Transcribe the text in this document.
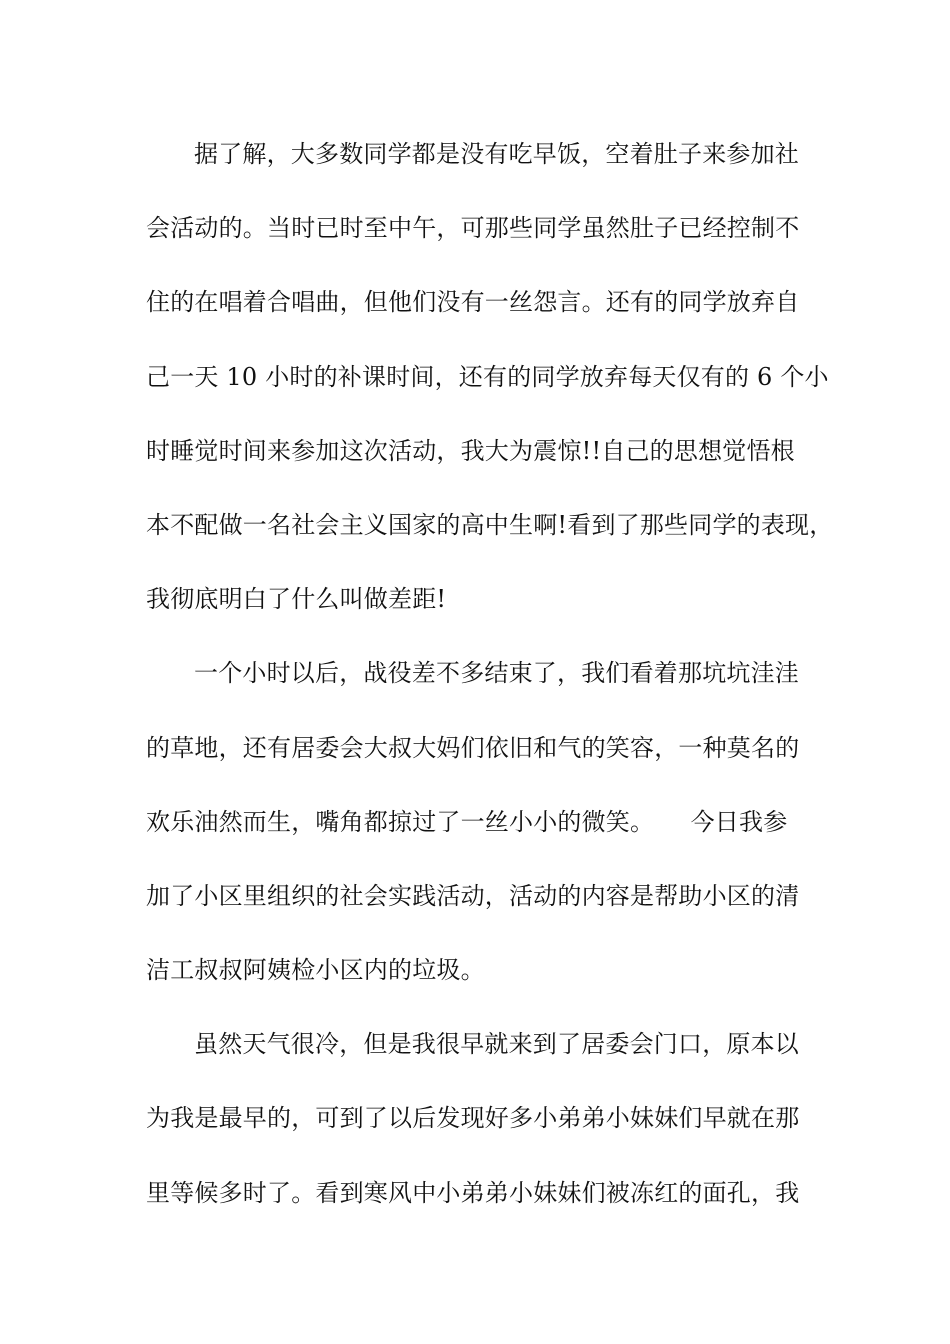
据了解，大多数同学都是没有吃早饭，空着肚子来参加社
会活动的。当时已时至中午，可那些同学虽然肚子已经控制不
住的在唱着合唱曲，但他们没有一丝怨言。还有的同学放弃自
己一天 10 小时的补课时间，还有的同学放弃每天仅有的 6 个小
时睡觉时间来参加这次活动，我大为震惊!!自己的思想觉悟根
本不配做一名社会主义国家的高中生啊!看到了那些同学的表现，
我彻底明白了什么叫做差距!
一个小时以后，战役差不多结束了，我们看着那坑坑洼洼
的草地，还有居委会大叔大妈们依旧和气的笑容，一种莫名的
欢乐油然而生，嘴角都掠过了一丝小小的微笑。　　今日我参
加了小区里组织的社会实践活动，活动的内容是帮助小区的清
洁工叔叔阿姨检小区内的垃圾。
虽然天气很冷，但是我很早就来到了居委会门口，原本以
为我是最早的，可到了以后发现好多小弟弟小妹妹们早就在那
里等候多时了。看到寒风中小弟弟小妹妹们被冻红的面孔，我
